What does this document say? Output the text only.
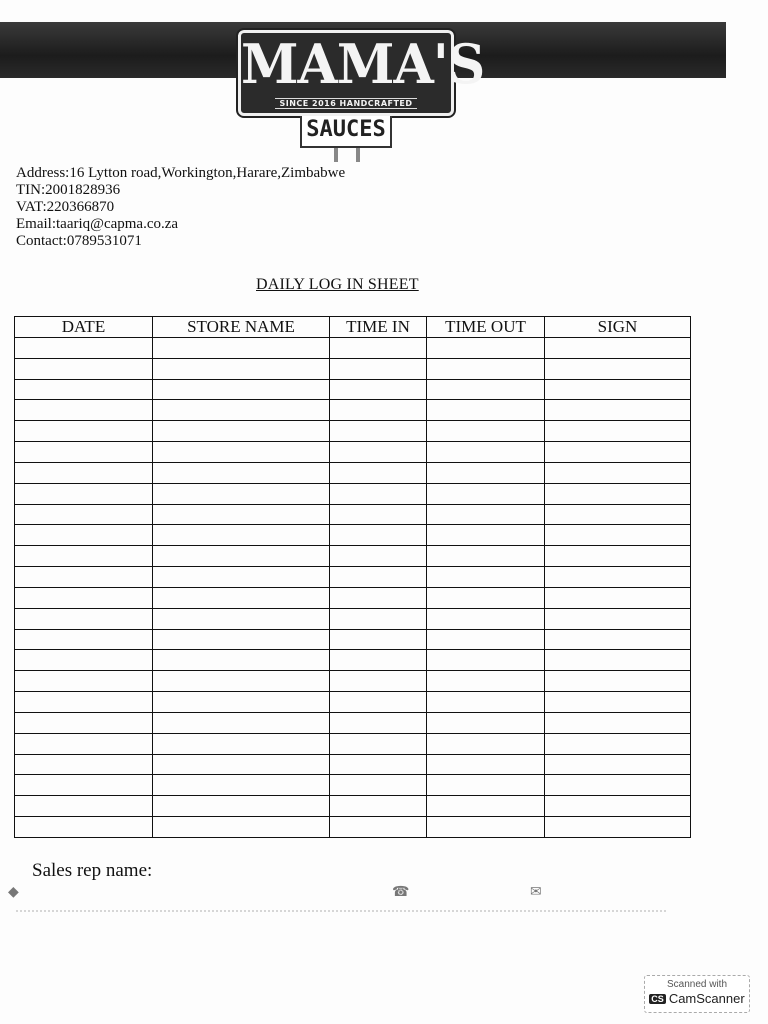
MAMA'S
SINCE 2016 HANDCRAFTED
SAUCES
Address:16 Lytton road,Workington,Harare,Zimbabwe
TIN:2001828936
VAT:220366870
Email:taariq@capma.co.za
Contact:0789531071
DAILY LOG IN SHEET
DATE	STORE NAME	TIME IN	TIME OUT	SIGN

Sales rep name:
◆	☎	✉
Scanned with
CS CamScanner
